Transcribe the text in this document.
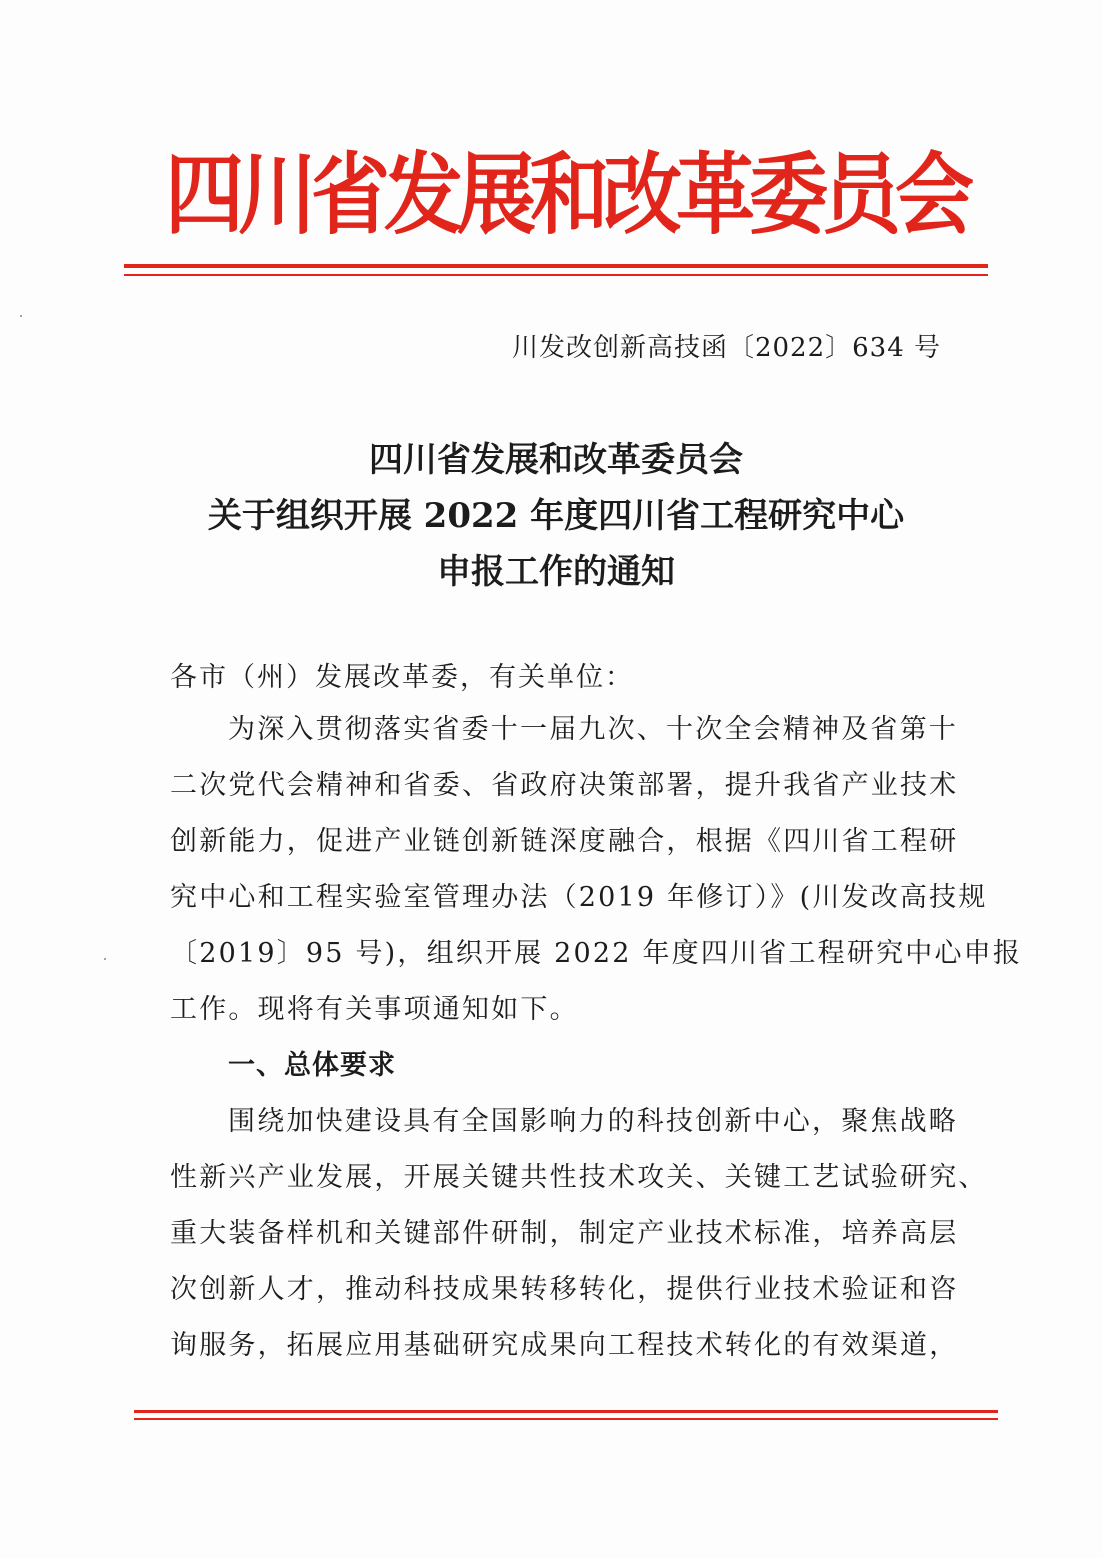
四川省发展和改革委员会
川发改创新高技函〔2022〕634 号
四川省发展和改革委员会
关于组织开展 2022 年度四川省工程研究中心
申报工作的通知
各市（州）发展改革委，有关单位：
为深入贯彻落实省委十一届九次、十次全会精神及省第十
二次党代会精神和省委、省政府决策部署，提升我省产业技术
创新能力，促进产业链创新链深度融合，根据《四川省工程研
究中心和工程实验室管理办法（2019 年修订）》(川发改高技规
〔2019〕95 号)，组织开展 2022 年度四川省工程研究中心申报
工作。现将有关事项通知如下。
一、总体要求
围绕加快建设具有全国影响力的科技创新中心，聚焦战略
性新兴产业发展，开展关键共性技术攻关、关键工艺试验研究、
重大装备样机和关键部件研制，制定产业技术标准，培养高层
次创新人才，推动科技成果转移转化，提供行业技术验证和咨
询服务，拓展应用基础研究成果向工程技术转化的有效渠道，
